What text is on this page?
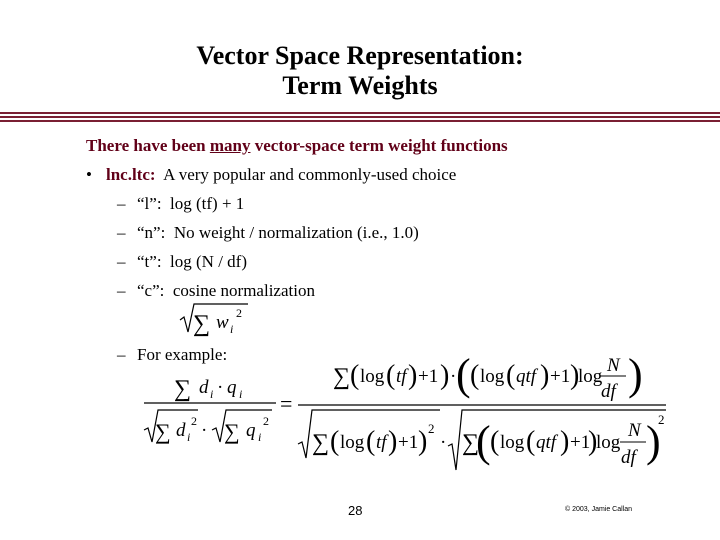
Vector Space Representation:
Term Weights
There have been many vector-space term weight functions
• lnc.ltc:  A very popular and commonly-used choice
– “l”:  log (tf) + 1
– “n”:  No weight / normalization (i.e., 1.0)
– “t”:  log (N / df)
– “c”:  cosine normalization
– For example:
∑ w i
2
∑ d i · q i
∑ d i
2 · ∑ q i
2
=
∑ ( log ( tf ) +1 ) · ( ( log ( qtf ) +1 )
log
N
df )
∑ ( log ( tf ) +1 ) 2
· ∑
( ( log ( qtf ) +1
)
log
N
df )
2
28	© 2003, Jamie Callan
